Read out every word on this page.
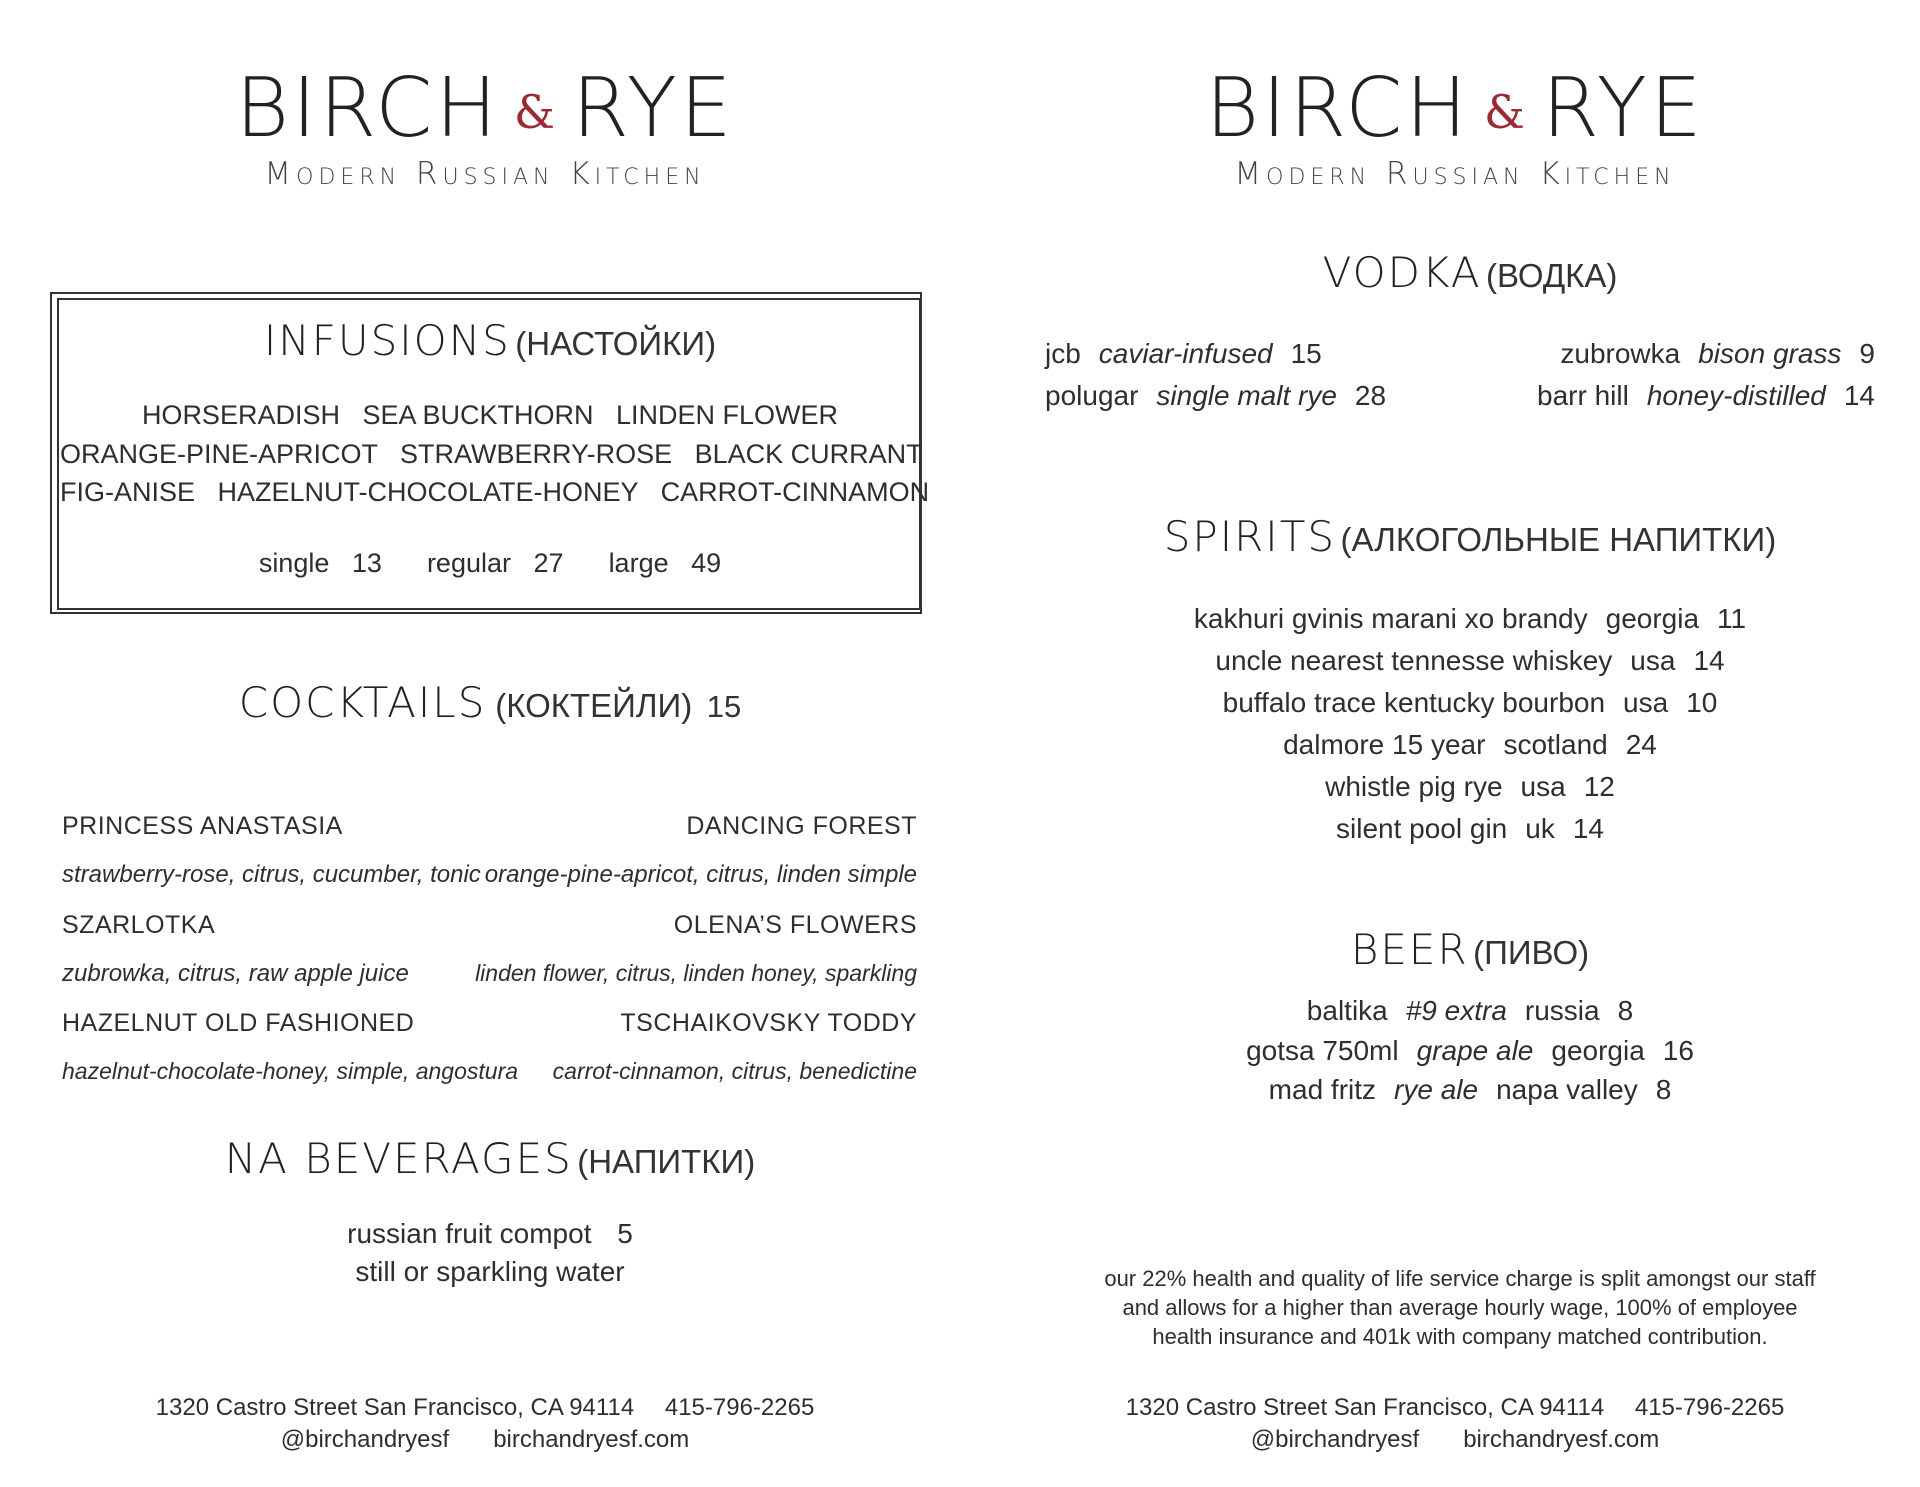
BIRCH & RYE
Modern Russian Kitchen
INFUSIONS (НАСТОЙКИ)
HORSERADISH   SEA BUCKTHORN   LINDEN FLOWER
ORANGE-PINE-APRICOT   STRAWBERRY-ROSE   BLACK CURRANT
FIG-ANISE   HAZELNUT-CHOCOLATE-HONEY   CARROT-CINNAMON
single 13 regular 27 large 49
COCKTAILS (КОКТЕЙЛИ) 15
PRINCESS ANASTASIA
strawberry-rose, citrus, cucumber, tonic
SZARLOTKA
zubrowka, citrus, raw apple juice
HAZELNUT OLD FASHIONED
hazelnut-chocolate-honey, simple, angostura
DANCING FOREST
orange-pine-apricot, citrus, linden simple
OLENA’S FLOWERS
linden flower, citrus, linden honey, sparkling
TSCHAIKOVSKY TODDY
carrot-cinnamon, citrus, benedictine
NA BEVERAGES (НАПИТКИ)
russian fruit compot 5
still or sparkling water
1320 Castro Street San Francisco, CA 94114 415-796-2265
@birchandryesf birchandryesf.com
BIRCH & RYE
Modern Russian Kitchen
VODKA (ВОДКА)
jcb caviar-infused 15
polugar single malt rye 28
zubrowka bison grass 9
barr hill honey-distilled 14
SPIRITS (АЛКОГОЛЬНЫЕ НАПИТКИ)
kakhuri gvinis marani xo brandy georgia 11
uncle nearest tennesse whiskey usa 14
buffalo trace kentucky bourbon usa 10
dalmore 15 year scotland 24
whistle pig rye usa 12
silent pool gin uk 14
BEER (ПИВО)
baltika #9 extra russia 8
gotsa 750ml grape ale georgia 16
mad fritz rye ale napa valley 8
our 22% health and quality of life service charge is split amongst our staff
and allows for a higher than average hourly wage, 100% of employee
health insurance and 401k with company matched contribution.
1320 Castro Street San Francisco, CA 94114 415-796-2265
@birchandryesf birchandryesf.com
